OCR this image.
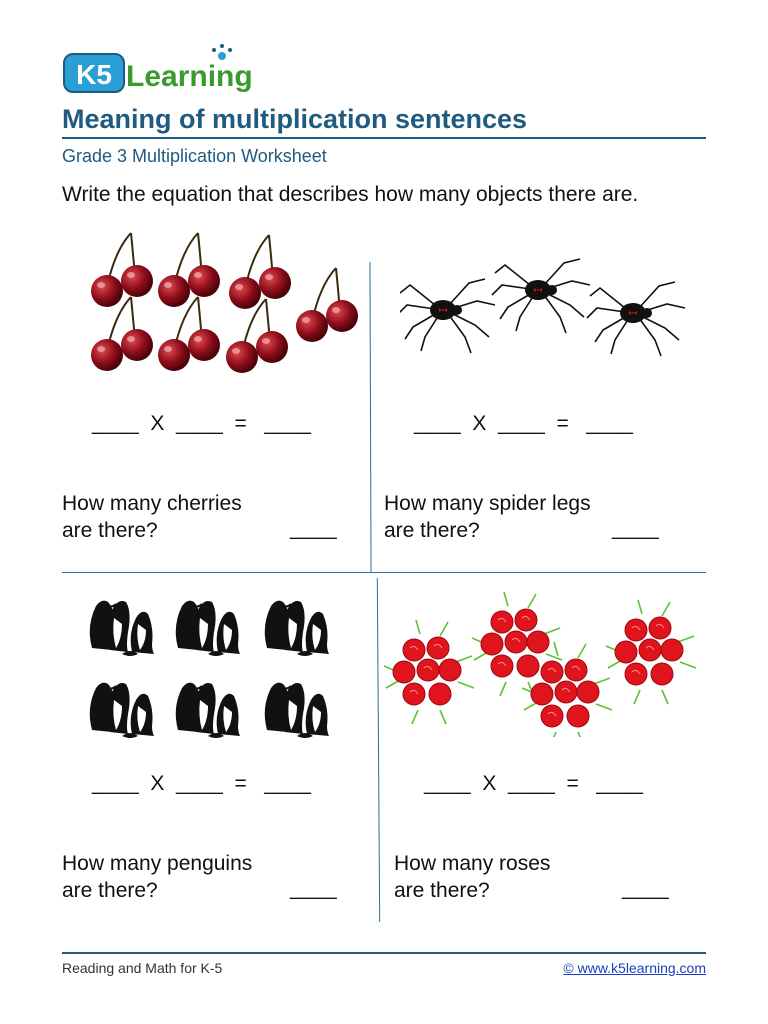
K5 Learning
Meaning of multiplication sentences
Grade 3 Multiplication Worksheet
Write the equation that describes how many objects there are.
____  X  ____  =   ____	____  X  ____  =   ____
____  X  ____  =   ____	____  X  ____  =   ____
How many cherries
are there?	____
How many spider legs
are there?	____
How many penguins
are there?	____
How many roses
are there?	____
Reading and Math for K-5	© www.k5learning.com
